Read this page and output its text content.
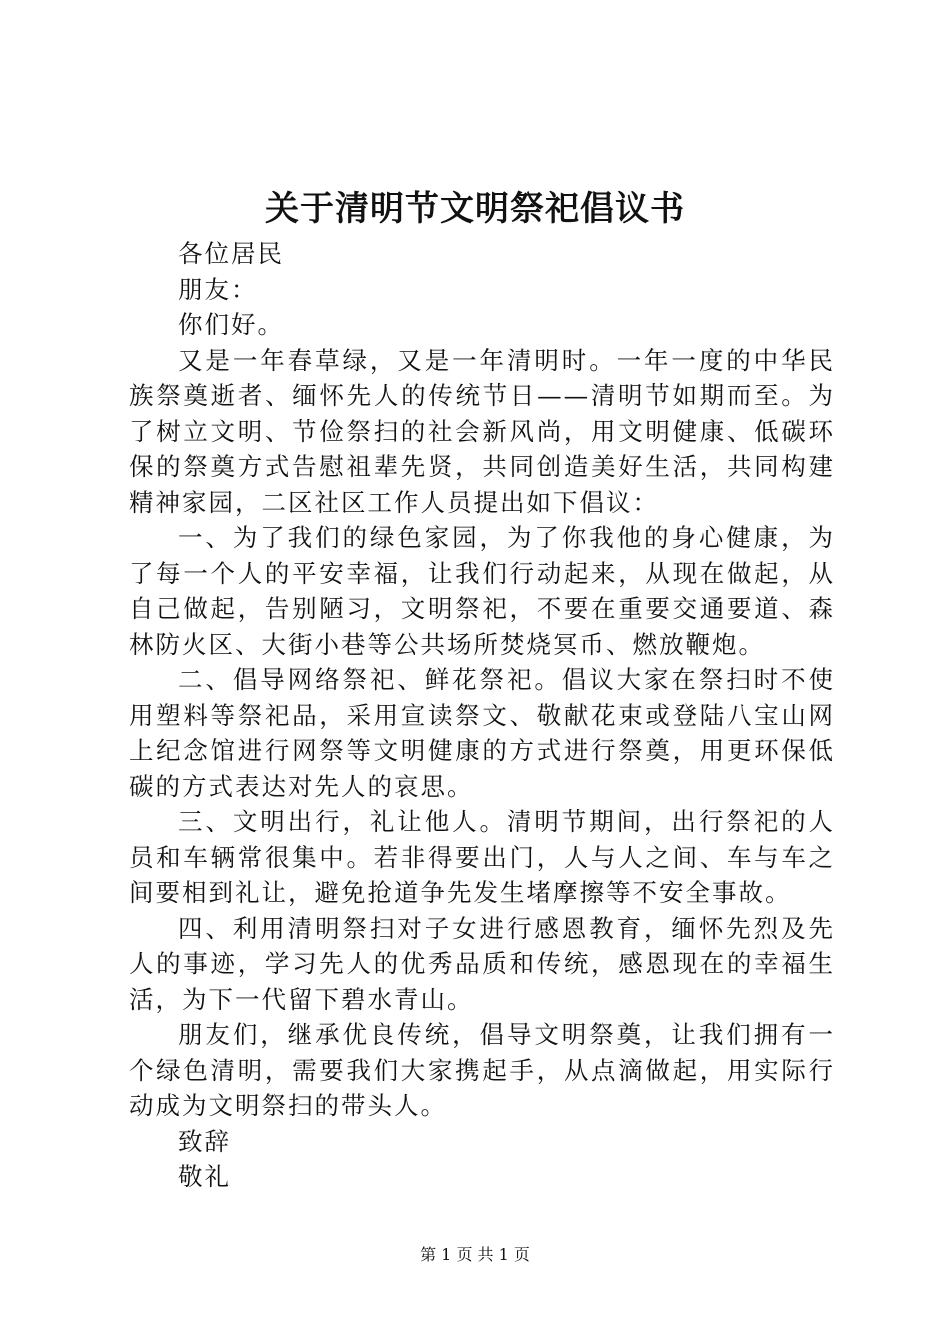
关于清明节文明祭祀倡议书

各位居民

朋友：

你们好。

又是一年春草绿，又是一年清明时。一年一度的中华民族祭奠逝者、缅怀先人的传统节日——清明节如期而至。为了树立文明、节俭祭扫的社会新风尚，用文明健康、低碳环保的祭奠方式告慰祖辈先贤，共同创造美好生活，共同构建精神家园，二区社区工作人员提出如下倡议：

一、为了我们的绿色家园，为了你我他的身心健康，为了每一个人的平安幸福，让我们行动起来，从现在做起，从自己做起，告别陋习，文明祭祀，不要在重要交通要道、森林防火区、大街小巷等公共场所焚烧冥币、燃放鞭炮。

二、倡导网络祭祀、鲜花祭祀。倡议大家在祭扫时不使用塑料等祭祀品，采用宣读祭文、敬献花束或登陆八宝山网上纪念馆进行网祭等文明健康的方式进行祭奠，用更环保低碳的方式表达对先人的哀思。

三、文明出行，礼让他人。清明节期间，出行祭祀的人员和车辆常很集中。若非得要出门，人与人之间、车与车之间要相到礼让，避免抢道争先发生堵摩擦等不安全事故。

四、利用清明祭扫对子女进行感恩教育，缅怀先烈及先人的事迹，学习先人的优秀品质和传统，感恩现在的幸福生活，为下一代留下碧水青山。

朋友们，继承优良传统，倡导文明祭奠，让我们拥有一个绿色清明，需要我们大家携起手，从点滴做起，用实际行动成为文明祭扫的带头人。

致辞

敬礼

第 1 页 共 1 页
